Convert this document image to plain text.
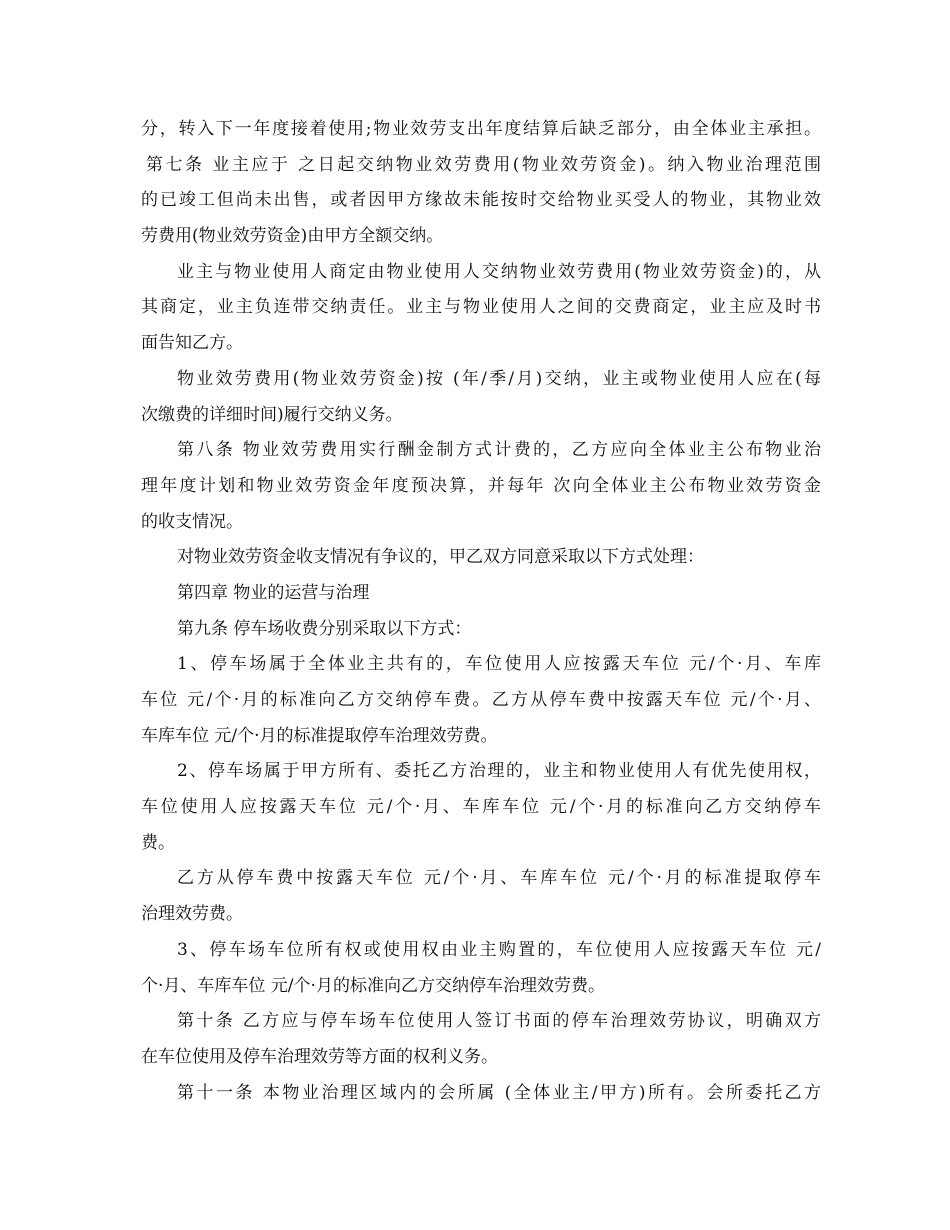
分，转入下一年度接着使用;物业效劳支出年度结算后缺乏部分，由全体业主承担。
第七条 业主应于 之日起交纳物业效劳费用(物业效劳资金)。纳入物业治理范围
的已竣工但尚未出售，或者因甲方缘故未能按时交给物业买受人的物业，其物业效
劳费用(物业效劳资金)由甲方全额交纳。
业主与物业使用人商定由物业使用人交纳物业效劳费用(物业效劳资金)的，从
其商定，业主负连带交纳责任。业主与物业使用人之间的交费商定，业主应及时书
面告知乙方。
物业效劳费用(物业效劳资金)按 (年/季/月)交纳，业主或物业使用人应在(每
次缴费的详细时间)履行交纳义务。
第八条 物业效劳费用实行酬金制方式计费的，乙方应向全体业主公布物业治
理年度计划和物业效劳资金年度预决算，并每年 次向全体业主公布物业效劳资金
的收支情况。
对物业效劳资金收支情况有争议的，甲乙双方同意采取以下方式处理：
第四章 物业的运营与治理
第九条 停车场收费分别采取以下方式：
1、停车场属于全体业主共有的，车位使用人应按露天车位 元/个·月、车库
车位 元/个·月的标准向乙方交纳停车费。乙方从停车费中按露天车位 元/个·月、
车库车位 元/个·月的标准提取停车治理效劳费。
2、停车场属于甲方所有、委托乙方治理的，业主和物业使用人有优先使用权，
车位使用人应按露天车位 元/个·月、车库车位 元/个·月的标准向乙方交纳停车
费。
乙方从停车费中按露天车位 元/个·月、车库车位 元/个·月的标准提取停车
治理效劳费。
3、停车场车位所有权或使用权由业主购置的，车位使用人应按露天车位 元/
个·月、车库车位 元/个·月的标准向乙方交纳停车治理效劳费。
第十条 乙方应与停车场车位使用人签订书面的停车治理效劳协议，明确双方
在车位使用及停车治理效劳等方面的权利义务。
第十一条 本物业治理区域内的会所属 (全体业主/甲方)所有。会所委托乙方
